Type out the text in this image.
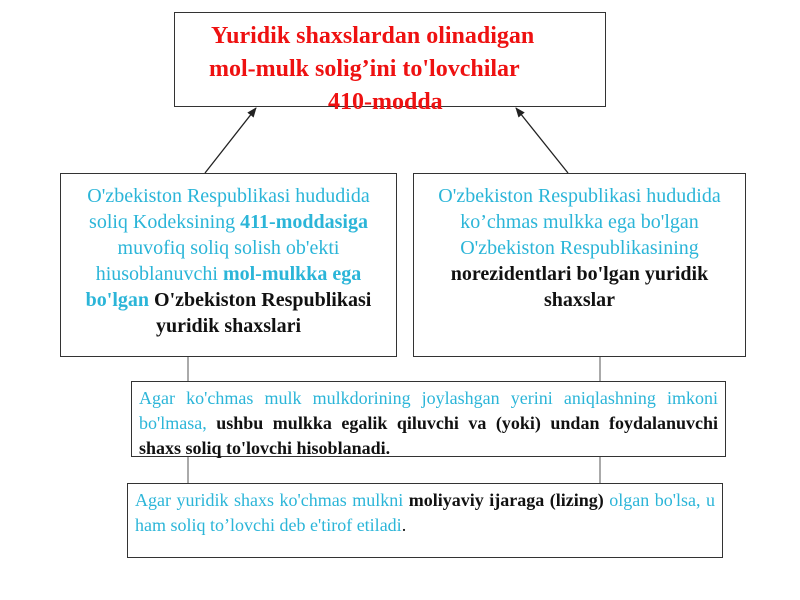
Yuridik shaxslardan olinadigan
mol-mulk solig’ini to'lovchilar
410-modda
O'zbekiston Respublikasi hududida
soliq Kodeksining 411-moddasiga
muvofiq soliq solish ob'ekti
hiusoblanuvchi mol-mulkka ega
bo'lgan O'zbekiston Respublikasi
yuridik shaxslari
O'zbekiston Respublikasi hududida
ko’chmas mulkka ega bo'lgan
O'zbekiston Respublikasining
norezidentlari bo'lgan yuridik
shaxslar
Agar ko'chmas mulk mulkdorining joylashgan yerini aniqlashning imkoni bo'lmasa, ushbu mulkka egalik qiluvchi va (yoki) undan foydalanuvchi shaxs soliq to'lovchi hisoblanadi.
Agar yuridik shaxs ko'chmas mulkni moliyaviy ijaraga (lizing) olgan bo'lsa, u ham soliq to’lovchi deb e'tirof etiladi.
